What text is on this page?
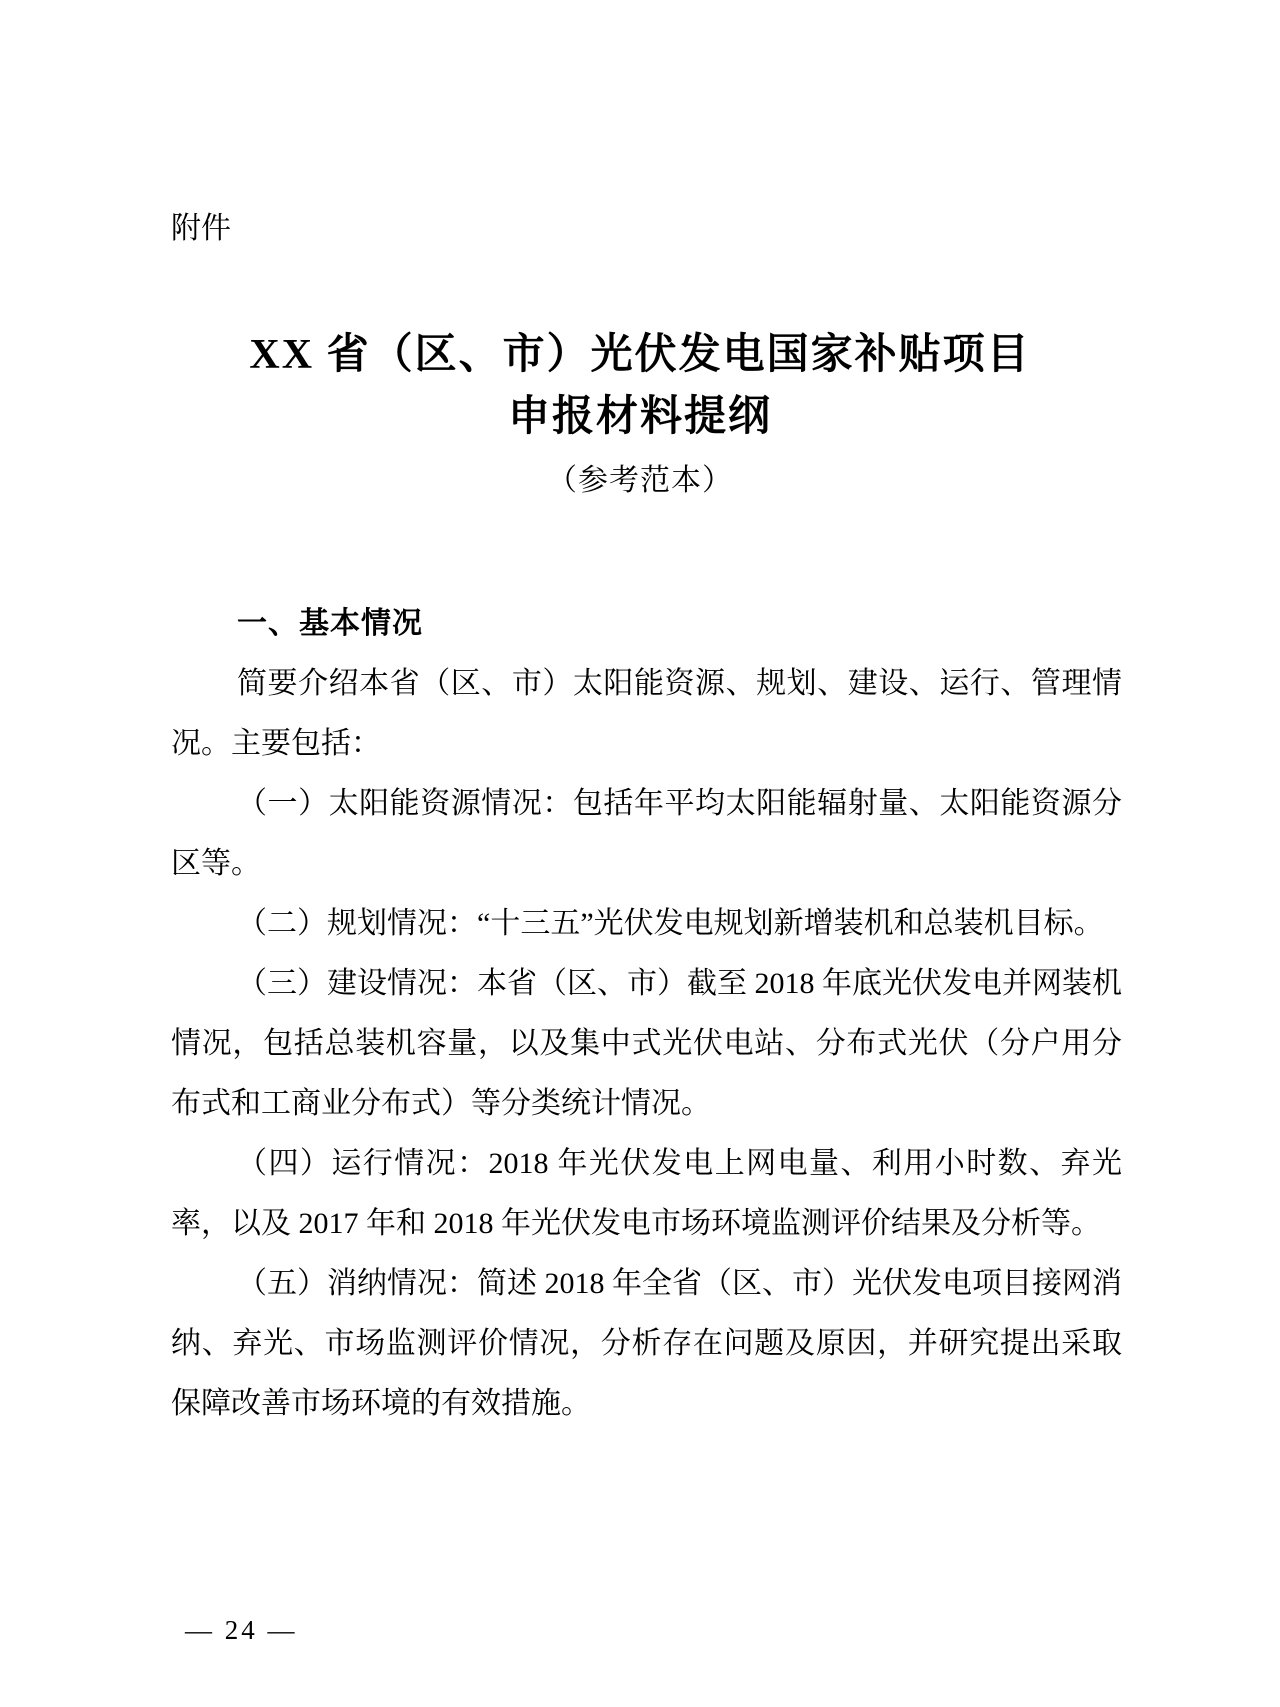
附件
XX 省（区、市）光伏发电国家补贴项目
申报材料提纲
（参考范本）

一、基本情况

简要介绍本省（区、市）太阳能资源、规划、建设、运行、管理情况。主要包括：

（一）太阳能资源情况：包括年平均太阳能辐射量、太阳能资源分区等。

（二）规划情况：“十三五”光伏发电规划新增装机和总装机目标。

（三）建设情况：本省（区、市）截至 2018 年底光伏发电并网装机情况，包括总装机容量，以及集中式光伏电站、分布式光伏（分户用分布式和工商业分布式）等分类统计情况。

（四）运行情况：2018 年光伏发电上网电量、利用小时数、弃光率，以及 2017 年和 2018 年光伏发电市场环境监测评价结果及分析等。

（五）消纳情况：简述 2018 年全省（区、市）光伏发电项目接网消纳、弃光、市场监测评价情况，分析存在问题及原因，并研究提出采取保障改善市场环境的有效措施。

— 24 —
